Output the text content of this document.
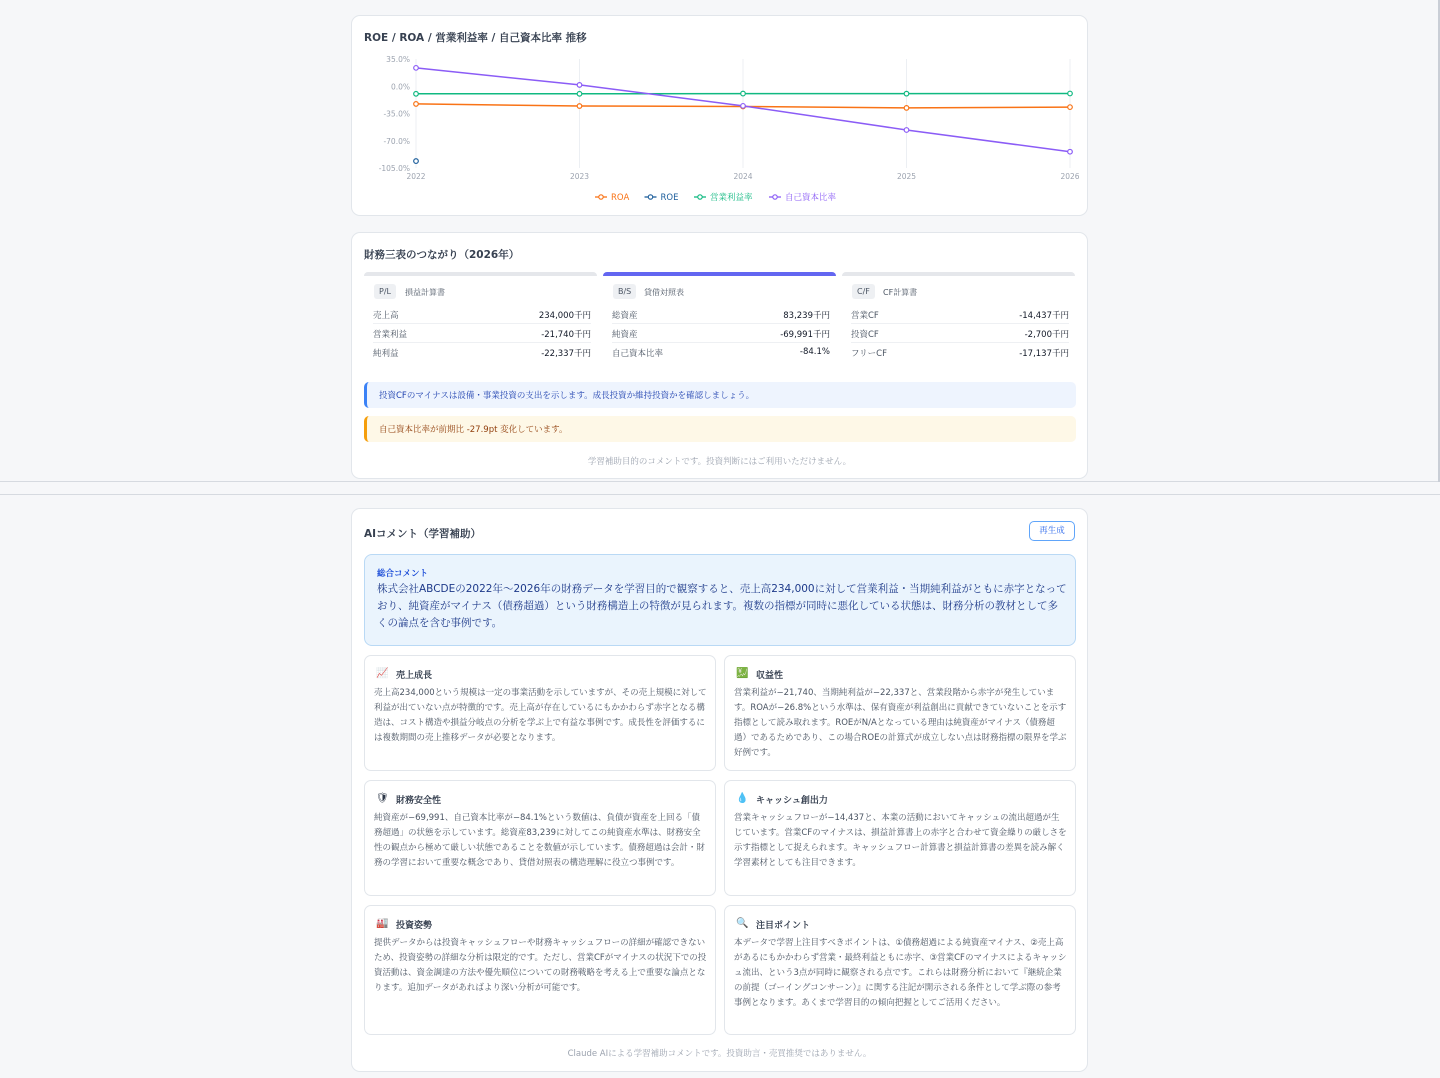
ROE / ROA / 営業利益率 / 自己資本比率 推移
35.0%
0.0%
-35.0%
-70.0%
-105.0%
2022	2023	2024	2025	2026
ROA	ROE	営業利益率	自己資本比率
財務三表のつながり（2026年）
P/L	損益計算書
売上高	234,000千円
営業利益	-21,740千円
純利益	-22,337千円
B/S	貸借対照表
総資産	83,239千円
純資産	-69,991千円
自己資本比率	-84.1%
C/F	CF計算書
営業CF	-14,437千円
投資CF	-2,700千円
フリーCF	-17,137千円
投資CFのマイナスは設備・事業投資の支出を示します。成長投資か維持投資かを確認しましょう。
自己資本比率が前期比 -27.9pt 変化しています。
学習補助目的のコメントです。投資判断にはご利用いただけません。
AIコメント（学習補助）	再生成
総合コメント
株式会社ABCDEの2022年～2026年の財務データを学習目的で観察すると、売上高234,000に対して営業利益・当期純利益がともに赤字となっており、純資産がマイナス（債務超過）という財務構造上の特徴が見られます。複数の指標が同時に悪化している状態は、財務分析の教材として多くの論点を含む事例です。
📈 売上成長
売上高234,000という規模は一定の事業活動を示していますが、その売上規模に対して利益が出ていない点が特徴的です。売上高が存在しているにもかかわらず赤字となる構造は、コスト構造や損益分岐点の分析を学ぶ上で有益な事例です。成長性を評価するには複数期間の売上推移データが必要となります。
💹 収益性
営業利益が−21,740、当期純利益が−22,337と、営業段階から赤字が発生しています。ROAが−26.8%という水準は、保有資産が利益創出に貢献できていないことを示す指標として読み取れます。ROEがN/Aとなっている理由は純資産がマイナス（債務超過）であるためであり、この場合ROEの計算式が成立しない点は財務指標の限界を学ぶ好例です。
🛡 財務安全性
純資産が−69,991、自己資本比率が−84.1%という数値は、負債が資産を上回る「債務超過」の状態を示しています。総資産83,239に対してこの純資産水準は、財務安全性の観点から極めて厳しい状態であることを数値が示しています。債務超過は会計・財務の学習において重要な概念であり、貸借対照表の構造理解に役立つ事例です。
💧 キャッシュ創出力
営業キャッシュフローが−14,437と、本業の活動においてキャッシュの流出超過が生じています。営業CFのマイナスは、損益計算書上の赤字と合わせて資金繰りの厳しさを示す指標として捉えられます。キャッシュフロー計算書と損益計算書の差異を読み解く学習素材としても注目できます。
🏭 投資姿勢
提供データからは投資キャッシュフローや財務キャッシュフローの詳細が確認できないため、投資姿勢の詳細な分析は限定的です。ただし、営業CFがマイナスの状況下での投資活動は、資金調達の方法や優先順位についての財務戦略を考える上で重要な論点となります。追加データがあればより深い分析が可能です。
🔍 注目ポイント
本データで学習上注目すべきポイントは、①債務超過による純資産マイナス、②売上高があるにもかかわらず営業・最終利益ともに赤字、③営業CFのマイナスによるキャッシュ流出、という3点が同時に観察される点です。これらは財務分析において『継続企業の前提（ゴーイングコンサーン）』に関する注記が開示される条件として学ぶ際の参考事例となります。あくまで学習目的の傾向把握としてご活用ください。
Claude AIによる学習補助コメントです。投資助言・売買推奨ではありません。
